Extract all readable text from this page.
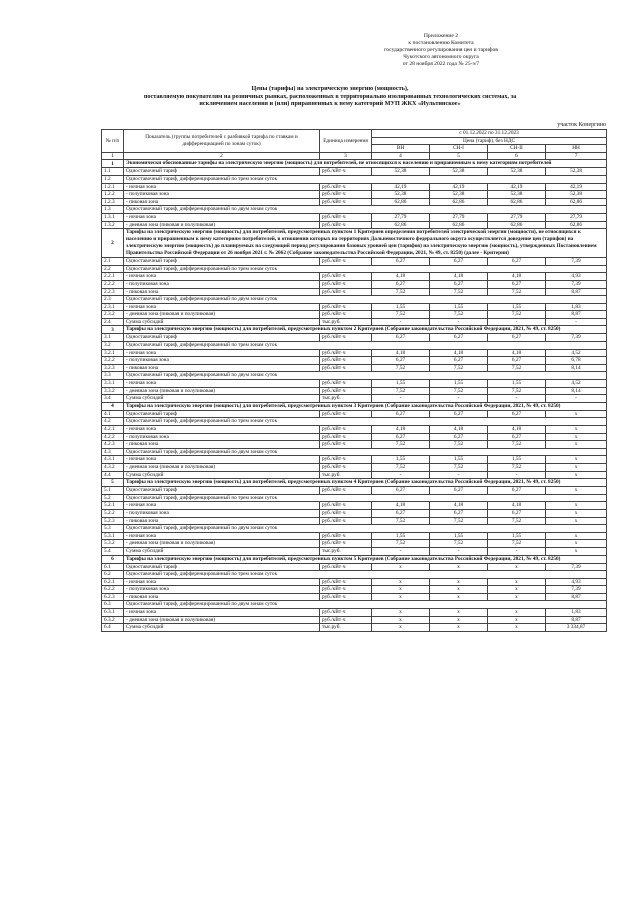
Приложение 2
к постановлению Комитета
государственного регулирования цен и тарифов
Чукотского автономного округа
от 28 ноября 2022 года № 25-э/7
Цены (тарифы) на электрическую энергию (мощность),
поставляемую покупателям на розничных рынках, расположенных в территориально изолированных технологических системах, за
исключением населения и (или) приравненных к нему категорий МУП ЖКХ «Иультинское»
участок Конергино
№ п/п	Показатель (группы потребителей с разбивкой тарифа по ставкам и дифференциацией по зонам суток)	Единица измерения	с 01.12.2022 по 31.12.2023			
			Цена (тариф), без НДС			
			ВН	СН-I	СН-II	НН
1	2	3	4	5	6	7
1	Экономически обоснованные тарифы на электрическую энергию (мощность) для потребителей, не относящихся к населению и приравненным к нему категориям потребителей					
1.1	Одноставочный тариф	руб./кВт·ч	52,38	52,38	52,38	52,38
1.2	Одноставочный тариф, дифференцированный по трем зонам суток					
1.2.1	- ночная зона	руб./кВт·ч	42,19	42,19	42,19	42,19
1.2.2	- полупиковая зона	руб./кВт·ч	52,38	52,38	52,38	52,38
1.2.3	- пиковая зона	руб./кВт·ч	62,86	62,86	62,86	62,86
1.3	Одноставочный тариф, дифференцированный по двум зонам суток					
1.3.1	- ночная зона	руб./кВт·ч	27,79	27,79	27,79	27,79
1.3.2	- дневная зона (пиковая и полупиковая)	руб./кВт·ч	62,86	62,86	62,86	62,86
2	Тарифы на электрическую энергию (мощность) для потребителей, предусмотренных пунктом 1 Критериев определения потребителей электрической энергии (мощности), не относящихся к населению и приравненным к нему категориям потребителей, в отношении которых на территориях Дальневосточного федерального округа осуществляется доведение цен (тарифов) на электрическую энергию (мощность) до планируемых на следующий период регулирования базовых уровней цен (тарифов) на электрическую энергию (мощность), утвержденных Постановлением Правительства Российской Федерации от 26 ноября 2021 г. № 2062 (Собрание законодательства Российской Федерации, 2021, № 49, ст. 8250) (далее - Критерии)					
2.1	Одноставочный тариф	руб./кВт·ч	6,27	6,27	6,27	7,39
2.2	Одноставочный тариф, дифференцированный по трем зонам суток					
2.2.1	- ночная зона	руб./кВт·ч	4,18	4,18	4,18	4,93
2.2.2	- полупиковая зона	руб./кВт·ч	6,27	6,27	6,27	7,39
2.2.3	- пиковая зона	руб./кВт·ч	7,52	7,52	7,52	8,87
2.3	Одноставочный тариф, дифференцированный по двум зонам суток					
2.3.1	- ночная зона	руб./кВт·ч	1,55	1,55	1,55	1,83
2.3.2	- дневная зона (пиковая и полупиковая)	руб./кВт·ч	7,52	7,52	7,52	8,87
2.4	Сумма субсидий	тыс.руб.	-	-	-	-
3	Тарифы на электрическую энергию (мощность) для потребителей, предусмотренных пунктом 2 Критериев (Собрание законодательства Российской Федерации, 2021, № 49, ст. 8250)					
3.1	Одноставочный тариф	руб./кВт·ч	6,27	6,27	6,27	7,39
3.2	Одноставочный тариф, дифференцированный по трем зонам суток					
3.2.1	- ночная зона	руб./кВт·ч	4,18	4,18	4,18	4,52
3.2.2	- полупиковая зона	руб./кВт·ч	6,27	6,27	6,27	6,78
3.2.3	- пиковая зона	руб./кВт·ч	7,52	7,52	7,52	8,14
3.3	Одноставочный тариф, дифференцированный по двум зонам суток					
3.3.1	- ночная зона	руб./кВт·ч	1,55	1,55	1,55	4,52
3.3.2	- дневная зона (пиковая и полупиковая)	руб./кВт·ч	7,52	7,52	7,52	8,14
3.4	Сумма субсидий	тыс.руб.	-	-	-	-
4	Тарифы на электрическую энергию (мощность) для потребителей, предусмотренных пунктом 3 Критериев (Собрание законодательства Российской Федерации, 2021, № 49, ст. 8250)					
4.1	Одноставочный тариф	руб./кВт·ч	6,27	6,27	6,27	х
4.2	Одноставочный тариф, дифференцированный по трем зонам суток					
4.2.1	- ночная зона	руб./кВт·ч	4,18	4,18	4,18	х
4.2.2	- полупиковая зона	руб./кВт·ч	6,27	6,27	6,27	х
4.2.3	- пиковая зона	руб./кВт·ч	7,52	7,52	7,52	х
4.3	Одноставочный тариф, дифференцированный по двум зонам суток					
4.3.1	- ночная зона	руб./кВт·ч	1,55	1,55	1,55	х
4.3.2	- дневная зона (пиковая и полупиковая)	руб./кВт·ч	7,52	7,52	7,52	х
4.4	Сумма субсидий	тыс.руб.	-	-	-	х
5	Тарифы на электрическую энергию (мощность) для потребителей, предусмотренных пунктом 4 Критериев (Собрание законодательства Российской Федерации, 2021, № 49, ст. 8250)					
5.1	Одноставочный тариф	руб./кВт·ч	6,27	6,27	6,27	х
5.2	Одноставочный тариф, дифференцированный по трем зонам суток					
5.2.1	- ночная зона	руб./кВт·ч	4,18	4,18	4,18	х
5.2.2	- полупиковая зона	руб./кВт·ч	6,27	6,27	6,27	х
5.2.3	- пиковая зона	руб./кВт·ч	7,52	7,52	7,52	х
5.3	Одноставочный тариф, дифференцированный по двум зонам суток					
5.3.1	- ночная зона	руб./кВт·ч	1,55	1,55	1,55	х
5.3.2	- дневная зона (пиковая и полупиковая)	руб./кВт·ч	7,52	7,52	7,52	х
5.4	Сумма субсидий	тыс.руб.	-	-	-	х
6	Тарифы на электрическую энергию (мощность) для потребителей, предусмотренных пунктом 5 Критериев (Собрание законодательства Российской Федерации, 2021, № 49, ст. 8250)					
6.1	Одноставочный тариф	руб./кВт·ч	х	х	х	7,39
6.2	Одноставочный тариф, дифференцированный по трем зонам суток					
6.2.1	- ночная зона	руб./кВт·ч	х	х	х	4,93
6.2.2	- полупиковая зона	руб./кВт·ч	х	х	х	7,39
6.2.3	- пиковая зона	руб./кВт·ч	х	х	х	8,87
6.3	Одноставочный тариф, дифференцированный по двум зонам суток					
6.3.1	- ночная зона	руб./кВт·ч	х	х	х	1,83
6.3.2	- дневная зона (пиковая и полупиковая)	руб./кВт·ч	х	х	х	8,87
6.4	Сумма субсидий	тыс.руб.	х	х	х	3 334,87
